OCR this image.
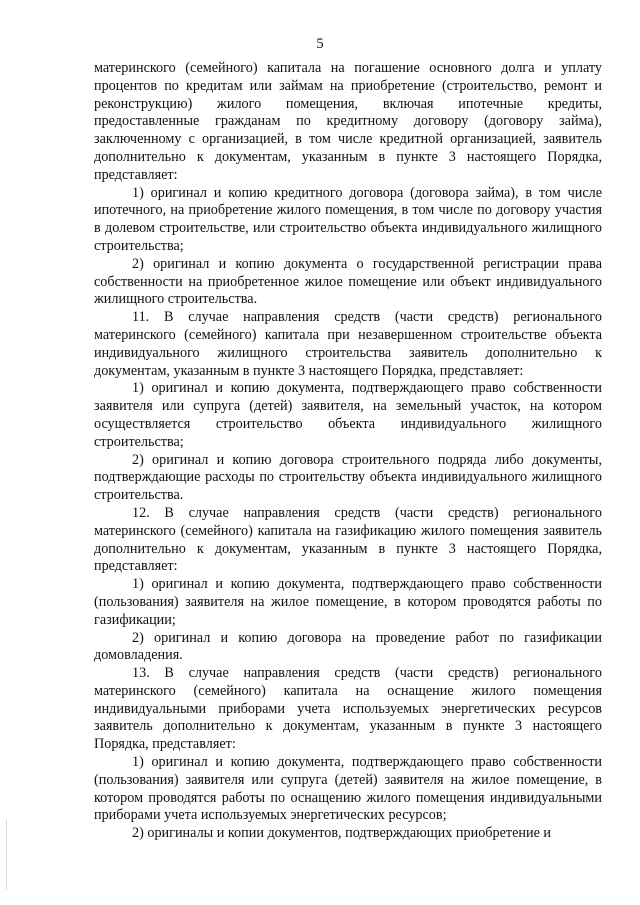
5

материнского (семейного) капитала на погашение основного долга и уплату процентов по кредитам или займам на приобретение (строительство, ремонт и реконструкцию) жилого помещения, включая ипотечные кредиты, предоставленные гражданам по кредитному договору (договору займа), заключенному с организацией, в том числе кредитной организацией, заявитель дополнительно к документам, указанным в пункте 3 настоящего Порядка, представляет:

1) оригинал и копию кредитного договора (договора займа), в том числе ипотечного, на приобретение жилого помещения, в том числе по договору участия в долевом строительстве, или строительство объекта индивидуального жилищного строительства;

2) оригинал и копию документа о государственной регистрации права собственности на приобретенное жилое помещение или объект индивидуального жилищного строительства.

11. В случае направления средств (части средств) регионального материнского (семейного) капитала при незавершенном строительстве объекта индивидуального жилищного строительства заявитель дополнительно к документам, указанным в пункте 3 настоящего Порядка, представляет:

1) оригинал и копию документа, подтверждающего право собственности заявителя или супруга (детей) заявителя, на земельный участок, на котором осуществляется строительство объекта индивидуального жилищного строительства;

2) оригинал и копию договора строительного подряда либо документы, подтверждающие расходы по строительству объекта индивидуального жилищного строительства.

12. В случае направления средств (части средств) регионального материнского (семейного) капитала на газификацию жилого помещения заявитель дополнительно к документам, указанным в пункте 3 настоящего Порядка, представляет:

1) оригинал и копию документа, подтверждающего право собственности (пользования) заявителя на жилое помещение, в котором проводятся работы по газификации;

2) оригинал и копию договора на проведение работ по газификации домовладения.

13. В случае направления средств (части средств) регионального материнского (семейного) капитала на оснащение жилого помещения индивидуальными приборами учета используемых энергетических ресурсов заявитель дополнительно к документам, указанным в пункте 3 настоящего Порядка, представляет:

1) оригинал и копию документа, подтверждающего право собственности (пользования) заявителя или супруга (детей) заявителя на жилое помещение, в котором проводятся работы по оснащению жилого помещения индивидуальными приборами учета используемых энергетических ресурсов;

2) оригиналы и копии документов, подтверждающих приобретение и
